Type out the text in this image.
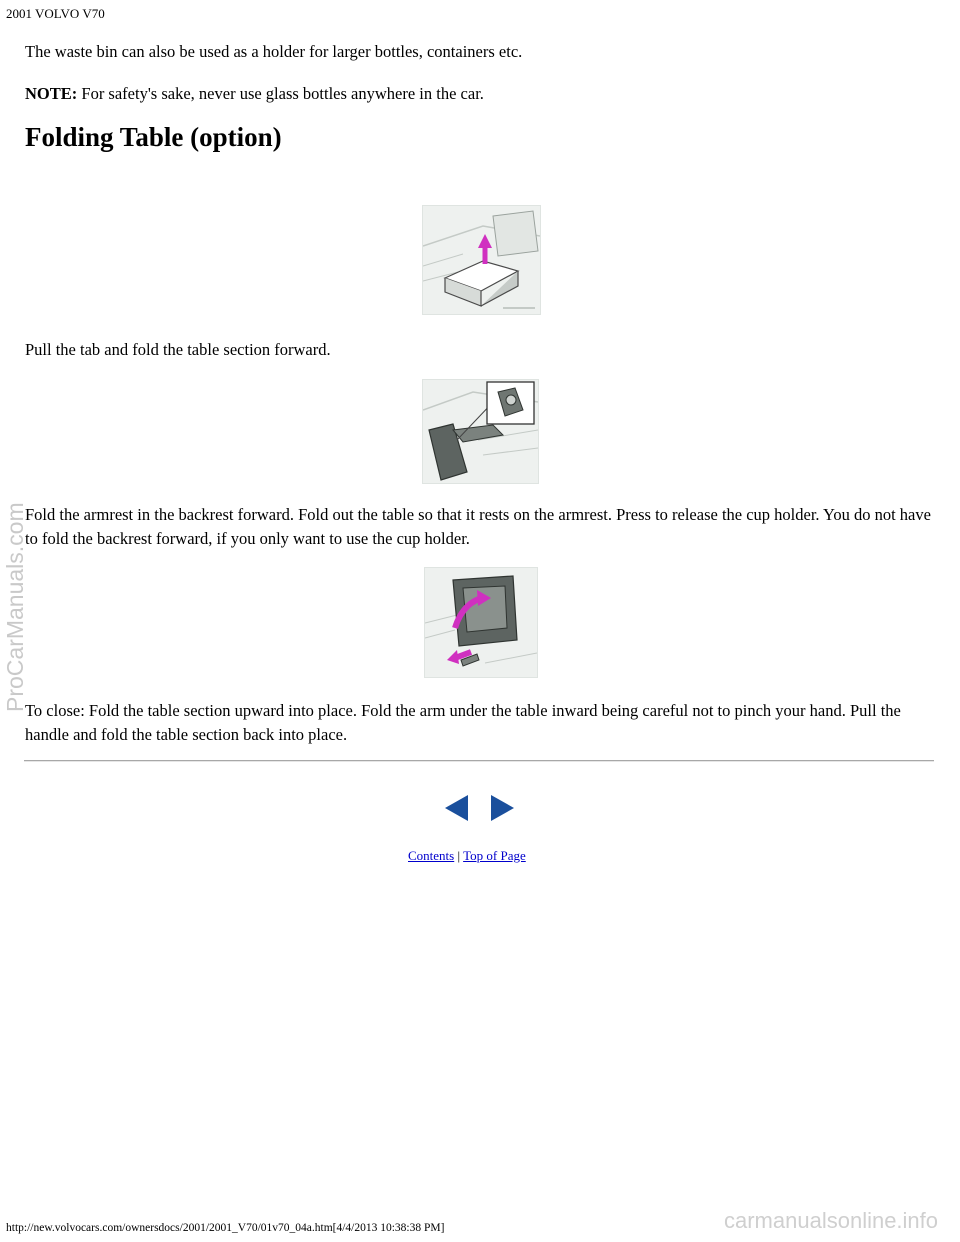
2001 VOLVO V70
The waste bin can also be used as a holder for larger bottles, containers etc.
NOTE: For safety's sake, never use glass bottles anywhere in the car.
Folding Table (option)
Pull the tab and fold the table section forward.
Fold the armrest in the backrest forward. Fold out the table so that it rests on the armrest. Press to release the cup holder. You do not have to fold the backrest forward, if you only want to use the cup holder.
To close: Fold the table section upward into place. Fold the arm under the table inward being careful not to pinch your hand. Pull the handle and fold the table section back into place.
Contents | Top of Page
http://new.volvocars.com/ownersdocs/2001/2001_V70/01v70_04a.htm[4/4/2013 10:38:38 PM]
ProCarManuals.com
carmanualsonline.info
